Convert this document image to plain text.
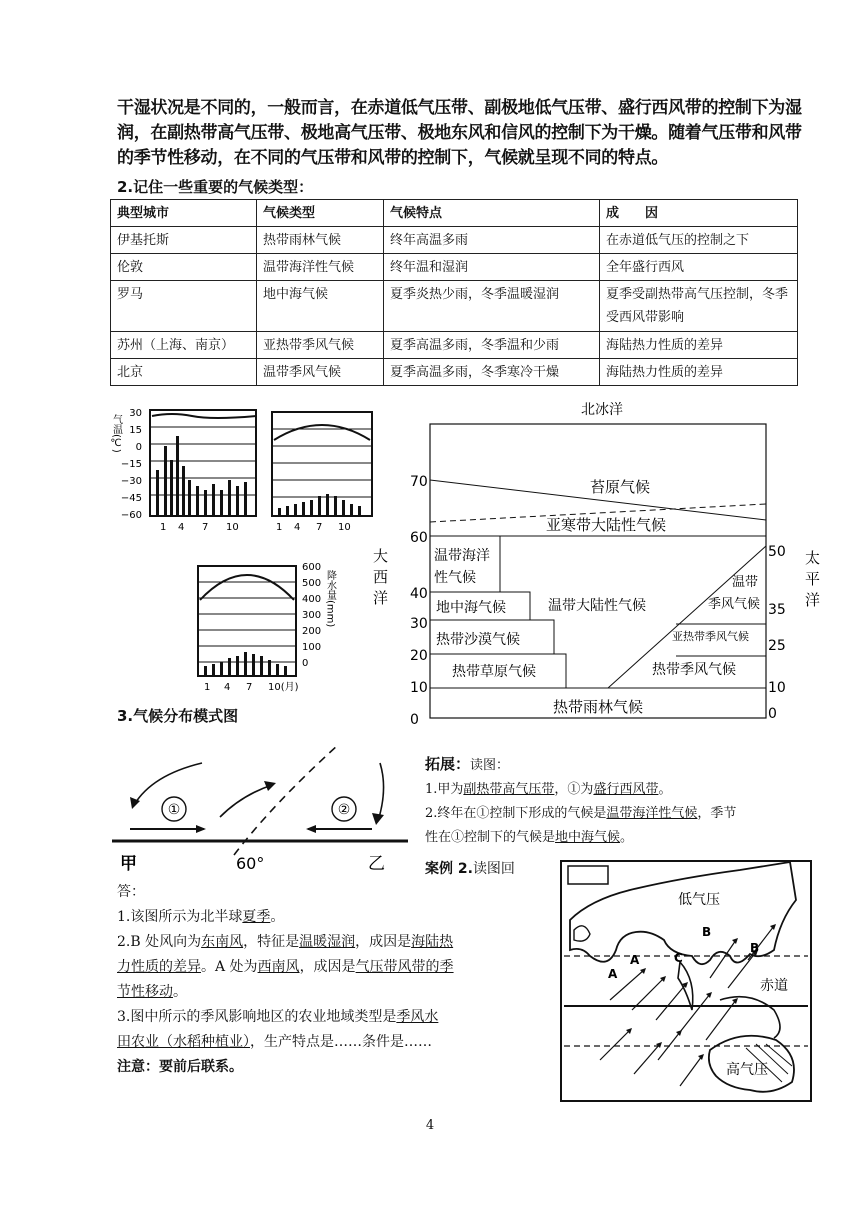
干湿状况是不同的，一般而言，在赤道低气压带、副极地低气压带、盛行西风带的控制下为湿润，在副热带高气压带、极地高气压带、极地东风和信风的控制下为干燥。随着气压带和风带的季节性移动，在不同的气压带和风带的控制下，气候就呈现不同的特点。
2.记住一些重要的气候类型：
典型城市	气候类型	气候特点	成　　因
伊基托斯	热带雨林气候	终年高温多雨	在赤道低气压的控制之下
伦敦	温带海洋性气候	终年温和湿润	全年盛行西风
罗马	地中海气候	夏季炎热少雨，冬季温暖湿润	夏季受副热带高气压控制，冬季受西风带影响
苏州（上海、南京）	亚热带季风气候	夏季高温多雨，冬季温和少雨	海陆热力性质的差异
北京	温带季风气候	夏季高温多雨，冬季寒冷干燥	海陆热力性质的差异
气温(℃)
30
15
0
−15
−30
−45
−60
1 4 7 10	1 4 7 10
1 4 7 10(月)
600
500
400
300
200
100
0
降水量(mm)
3.气候分布模式图
北冰洋
70
60
40
30
20
10
0
50
35
25
10
0
大西洋	太平洋
苔原气候
亚寒带大陆性气候
温带海洋
性气候
地中海气候	温带大陆性气候
温带
季风气候
热带沙漠气候	亚热带季风气候
热带草原气候	热带季风气候
热带雨林气候
①	②
甲	60°	乙
拓展：读图：
1.甲为副热带高气压带，①为盛行西风带。
2.终年在①控制下形成的气候是温带海洋性气候，季节
性在①控制下的气候是地中海气候。
案例 2.读图回
答：
1.该图所示为北半球夏季。
2.B 处风向为东南风，特征是温暖湿润，成因是海陆热
力性质的差异。A 处为西南风，成因是气压带风带的季
节性移动。
3.图中所示的季风影响地区的农业地域类型是季风水
田农业（水稻种植业），生产特点是……条件是……
注意：要前后联系。
低气压
赤道
高气压
A
A
B
B
C
4
